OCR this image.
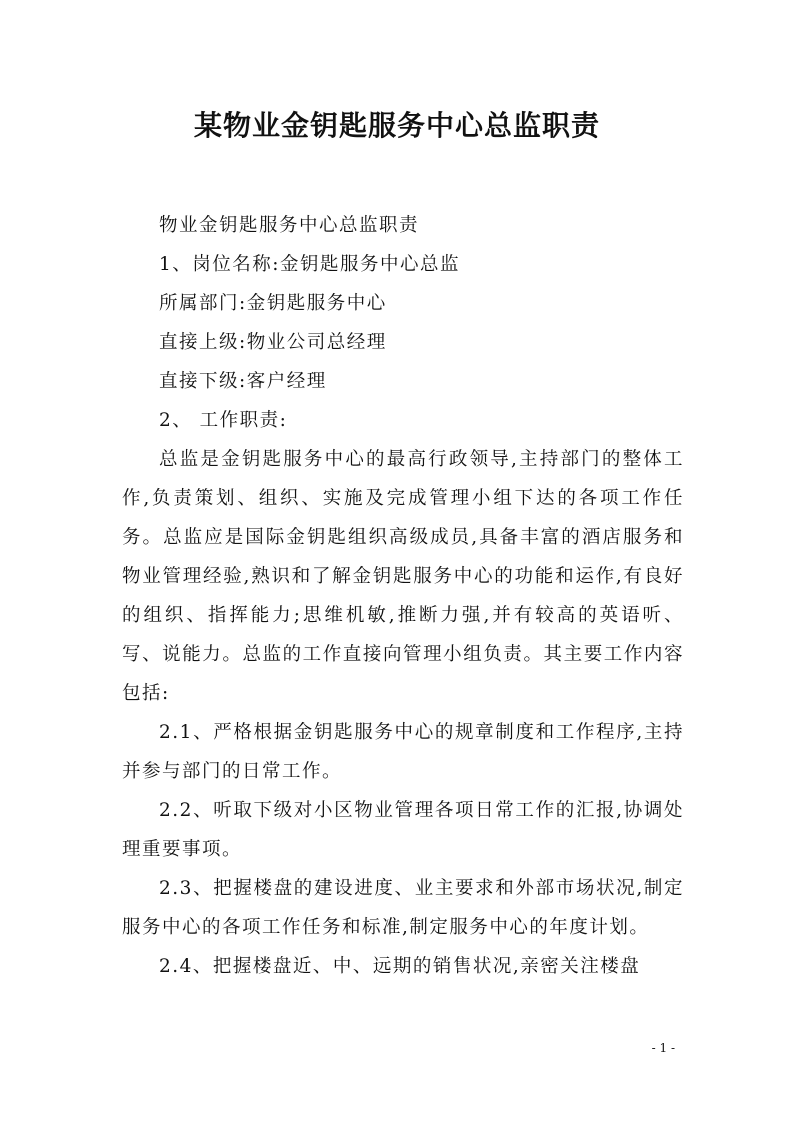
某物业金钥匙服务中心总监职责

物业金钥匙服务中心总监职责

1、岗位名称:金钥匙服务中心总监

所属部门:金钥匙服务中心

直接上级:物业公司总经理

直接下级:客户经理

2、 工作职责:

总监是金钥匙服务中心的最高行政领导,主持部门的整体工作,负责策划、组织、实施及完成管理小组下达的各项工作任务。总监应是国际金钥匙组织高级成员,具备丰富的酒店服务和物业管理经验,熟识和了解金钥匙服务中心的功能和运作,有良好的组织、指挥能力;思维机敏,推断力强,并有较高的英语听、写、说能力。总监的工作直接向管理小组负责。其主要工作内容包括:

2.1、严格根据金钥匙服务中心的规章制度和工作程序,主持并参与部门的日常工作。

2.2、听取下级对小区物业管理各项日常工作的汇报,协调处理重要事项。

2.3、把握楼盘的建设进度、业主要求和外部市场状况,制定服务中心的各项工作任务和标准,制定服务中心的年度计划。

2.4、把握楼盘近、中、远期的销售状况,亲密关注楼盘

- 1 -
